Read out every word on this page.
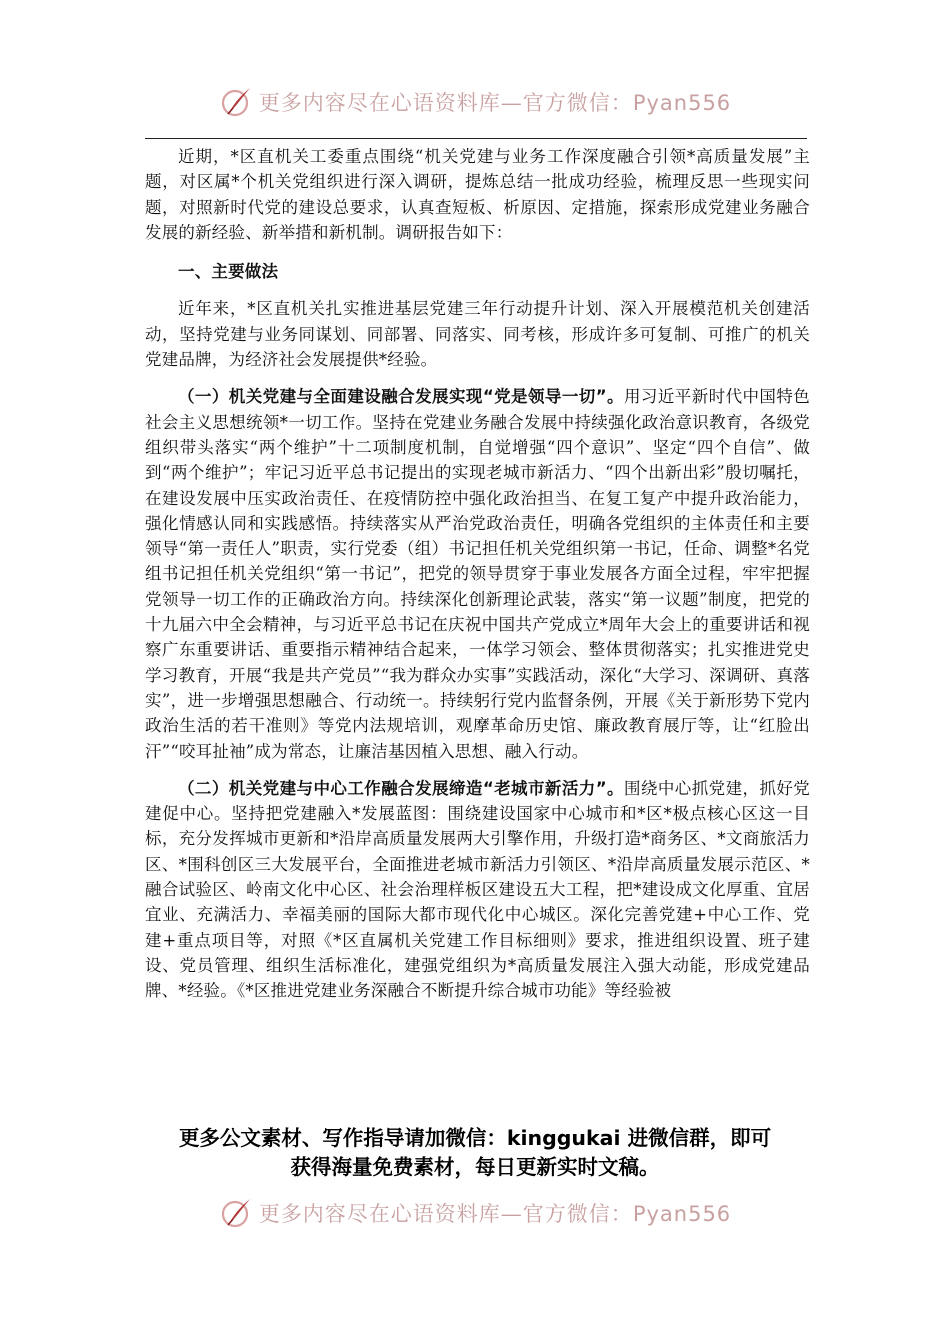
更多内容尽在心语资料库—官方微信：Pyan556

近期，*区直机关工委重点围绕“机关党建与业务工作深度融合引领*高质量发展”主题，对区属*个机关党组织进行深入调研，提炼总结一批成功经验，梳理反思一些现实问题，对照新时代党的建设总要求，认真查短板、析原因、定措施，探索形成党建业务融合发展的新经验、新举措和新机制。调研报告如下：

一、主要做法

近年来，*区直机关扎实推进基层党建三年行动提升计划、深入开展模范机关创建活动，坚持党建与业务同谋划、同部署、同落实、同考核，形成许多可复制、可推广的机关党建品牌，为经济社会发展提供*经验。

（一）机关党建与全面建设融合发展实现“党是领导一切”。用习近平新时代中国特色社会主义思想统领*一切工作。坚持在党建业务融合发展中持续强化政治意识教育，各级党组织带头落实“两个维护”十二项制度机制，自觉增强“四个意识”、坚定“四个自信”、做到“两个维护”；牢记习近平总书记提出的实现老城市新活力、“四个出新出彩”殷切嘱托，在建设发展中压实政治责任、在疫情防控中强化政治担当、在复工复产中提升政治能力，强化情感认同和实践感悟。持续落实从严治党政治责任，明确各党组织的主体责任和主要领导“第一责任人”职责，实行党委（组）书记担任机关党组织第一书记，任命、调整*名党组书记担任机关党组织“第一书记”，把党的领导贯穿于事业发展各方面全过程，牢牢把握党领导一切工作的正确政治方向。持续深化创新理论武装，落实“第一议题”制度，把党的十九届六中全会精神，与习近平总书记在庆祝中国共产党成立*周年大会上的重要讲话和视察广东重要讲话、重要指示精神结合起来，一体学习领会、整体贯彻落实；扎实推进党史学习教育，开展“我是共产党员”“我为群众办实事”实践活动，深化“大学习、深调研、真落实”，进一步增强思想融合、行动统一。持续躬行党内监督条例，开展《关于新形势下党内政治生活的若干准则》等党内法规培训，观摩革命历史馆、廉政教育展厅等，让“红脸出汗”“咬耳扯袖”成为常态，让廉洁基因植入思想、融入行动。

（二）机关党建与中心工作融合发展缔造“老城市新活力”。围绕中心抓党建，抓好党建促中心。坚持把党建融入*发展蓝图：围绕建设国家中心城市和*区*极点核心区这一目标，充分发挥城市更新和*沿岸高质量发展两大引擎作用，升级打造*商务区、*文商旅活力区、*围科创区三大发展平台，全面推进老城市新活力引领区、*沿岸高质量发展示范区、*融合试验区、岭南文化中心区、社会治理样板区建设五大工程，把*建设成文化厚重、宜居宜业、充满活力、幸福美丽的国际大都市现代化中心城区。深化完善党建+中心工作、党建+重点项目等，对照《*区直属机关党建工作目标细则》要求，推进组织设置、班子建设、党员管理、组织生活标准化，建强党组织为*高质量发展注入强大动能，形成党建品牌、*经验。《*区推进党建业务深融合不断提升综合城市功能》等经验被

更多公文素材、写作指导请加微信：kinggukai 进微信群，即可
获得海量免费素材，每日更新实时文稿。
更多内容尽在心语资料库—官方微信：Pyan556
